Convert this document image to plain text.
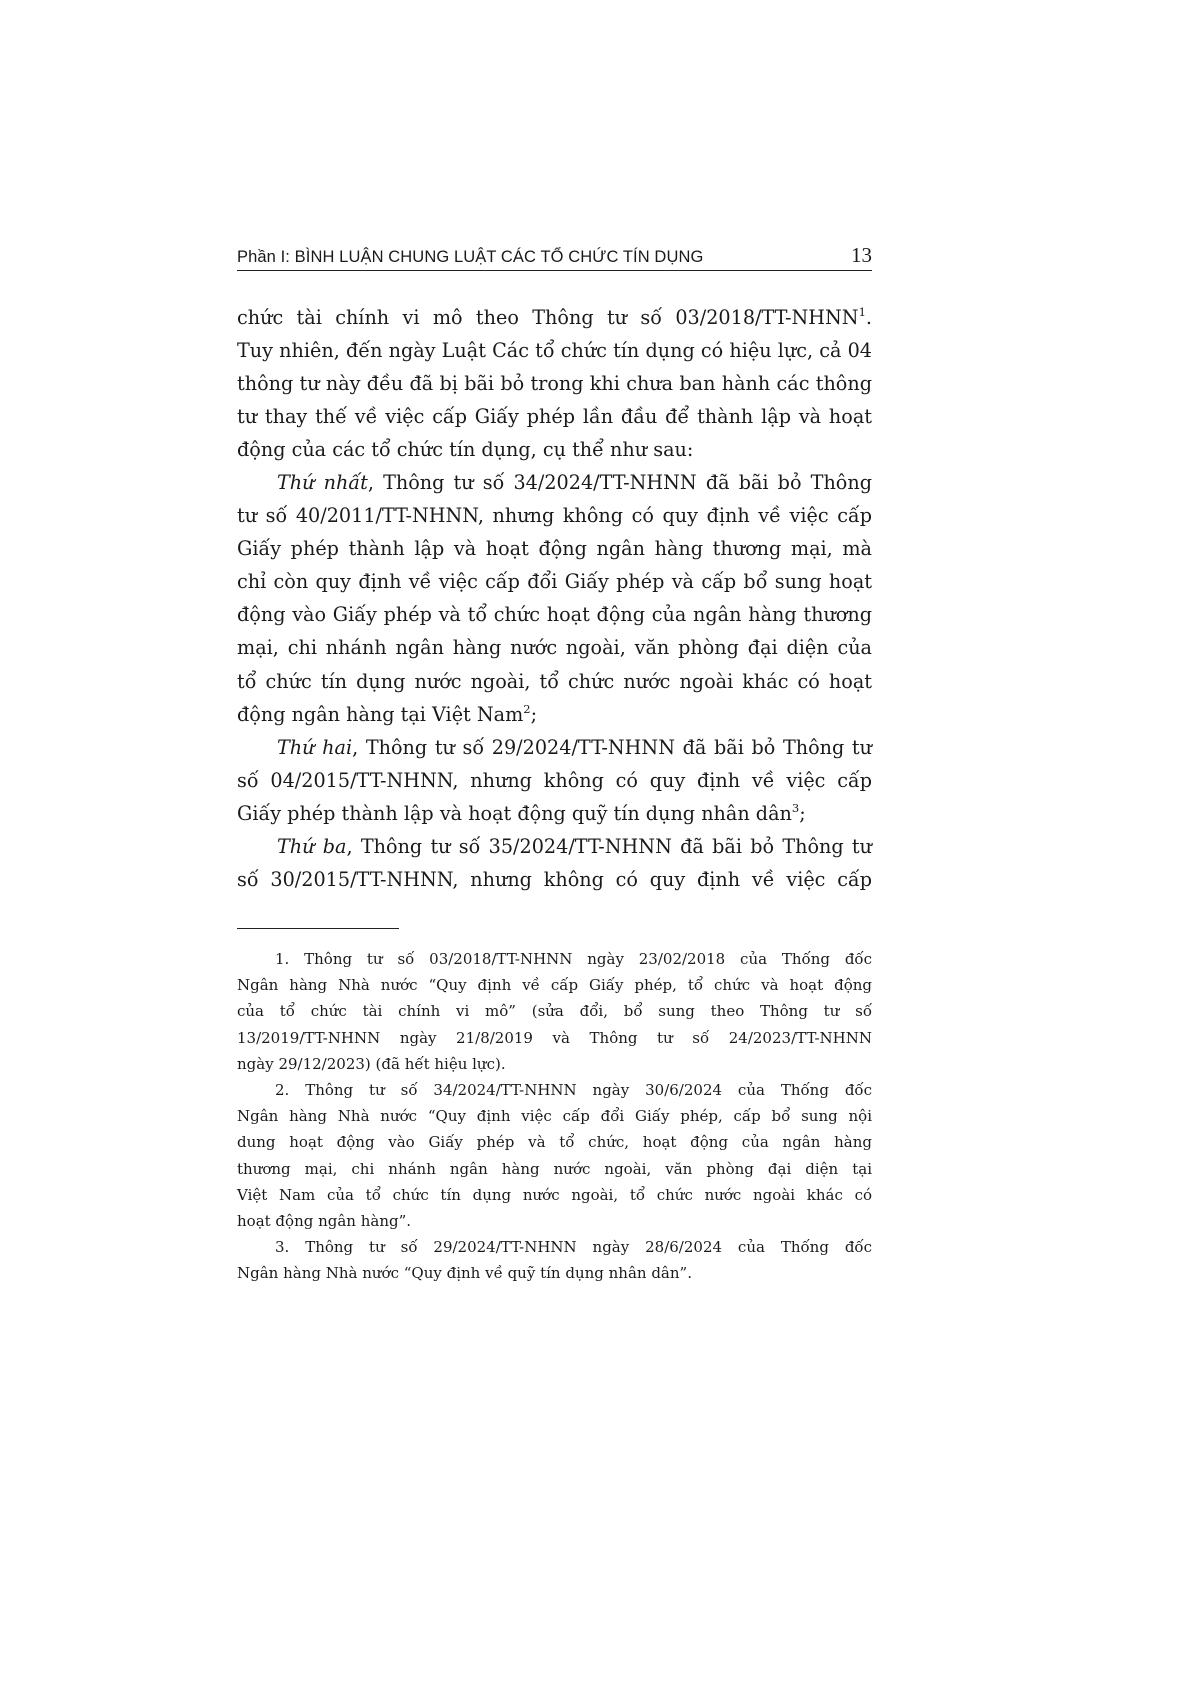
Phần I: BÌNH LUẬN CHUNG LUẬT CÁC TỔ CHỨC TÍN DỤNG	13
chức tài chính vi mô theo Thông tư số 03/2018/TT-NHNN$^1$.
Tuy nhiên, đến ngày Luật Các tổ chức tín dụng có hiệu lực, cả 04
thông tư này đều đã bị bãi bỏ trong khi chưa ban hành các thông
tư thay thế về việc cấp Giấy phép lần đầu để thành lập và hoạt
động của các tổ chức tín dụng, cụ thể như sau:
Thứ nhất, Thông tư số 34/2024/TT-NHNN đã bãi bỏ Thông
tư số 40/2011/TT-NHNN, nhưng không có quy định về việc cấp
Giấy phép thành lập và hoạt động ngân hàng thương mại, mà
chỉ còn quy định về việc cấp đổi Giấy phép và cấp bổ sung hoạt
động vào Giấy phép và tổ chức hoạt động của ngân hàng thương
mại, chi nhánh ngân hàng nước ngoài, văn phòng đại diện của
tổ chức tín dụng nước ngoài, tổ chức nước ngoài khác có hoạt
động ngân hàng tại Việt Nam$^2$;
Thứ hai, Thông tư số 29/2024/TT-NHNN đã bãi bỏ Thông tư
số 04/2015/TT-NHNN, nhưng không có quy định về việc cấp
Giấy phép thành lập và hoạt động quỹ tín dụng nhân dân$^3$;
Thứ ba, Thông tư số 35/2024/TT-NHNN đã bãi bỏ Thông tư
số 30/2015/TT-NHNN, nhưng không có quy định về việc cấp
1. Thông tư số 03/2018/TT-NHNN ngày 23/02/2018 của Thống đốc
Ngân hàng Nhà nước “Quy định về cấp Giấy phép, tổ chức và hoạt động
của tổ chức tài chính vi mô” (sửa đổi, bổ sung theo Thông tư số
13/2019/TT-NHNN ngày 21/8/2019 và Thông tư số 24/2023/TT-NHNN
ngày 29/12/2023) (đã hết hiệu lực).
2. Thông tư số 34/2024/TT-NHNN ngày 30/6/2024 của Thống đốc
Ngân hàng Nhà nước “Quy định việc cấp đổi Giấy phép, cấp bổ sung nội
dung hoạt động vào Giấy phép và tổ chức, hoạt động của ngân hàng
thương mại, chi nhánh ngân hàng nước ngoài, văn phòng đại diện tại
Việt Nam của tổ chức tín dụng nước ngoài, tổ chức nước ngoài khác có
hoạt động ngân hàng”.
3. Thông tư số 29/2024/TT-NHNN ngày 28/6/2024 của Thống đốc
Ngân hàng Nhà nước “Quy định về quỹ tín dụng nhân dân”.
